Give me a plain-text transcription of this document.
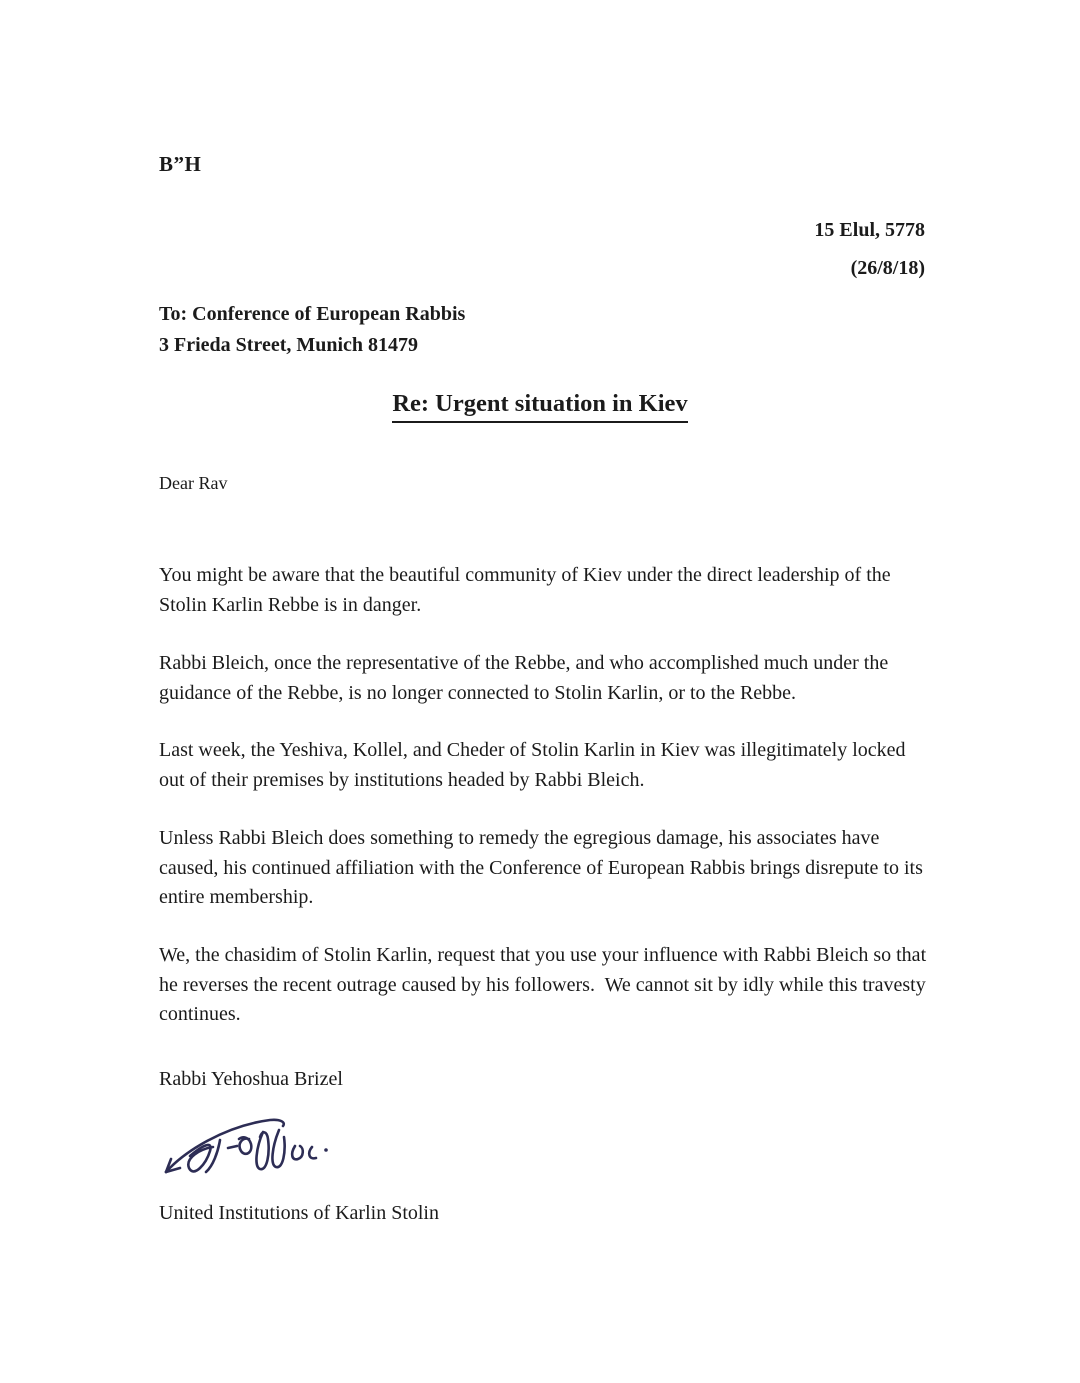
B”H
15 Elul, 5778
(26/8/18)
To: Conference of European Rabbis
3 Frieda Street, Munich 81479
Re: Urgent situation in Kiev
Dear Rav

You might be aware that the beautiful community of Kiev under the direct leadership of the Stolin Karlin Rebbe is in danger.

Rabbi Bleich, once the representative of the Rebbe, and who accomplished much under the guidance of the Rebbe, is no longer connected to Stolin Karlin, or to the Rebbe.

Last week, the Yeshiva, Kollel, and Cheder of Stolin Karlin in Kiev was illegitimately locked out of their premises by institutions headed by Rabbi Bleich.

Unless Rabbi Bleich does something to remedy the egregious damage, his associates have caused, his continued affiliation with the Conference of European Rabbis brings disrepute to its entire membership.

We, the chasidim of Stolin Karlin, request that you use your influence with Rabbi Bleich so that he reverses the recent outrage caused by his followers.  We cannot sit by idly while this travesty continues.

Rabbi Yehoshua Brizel
United Institutions of Karlin Stolin
